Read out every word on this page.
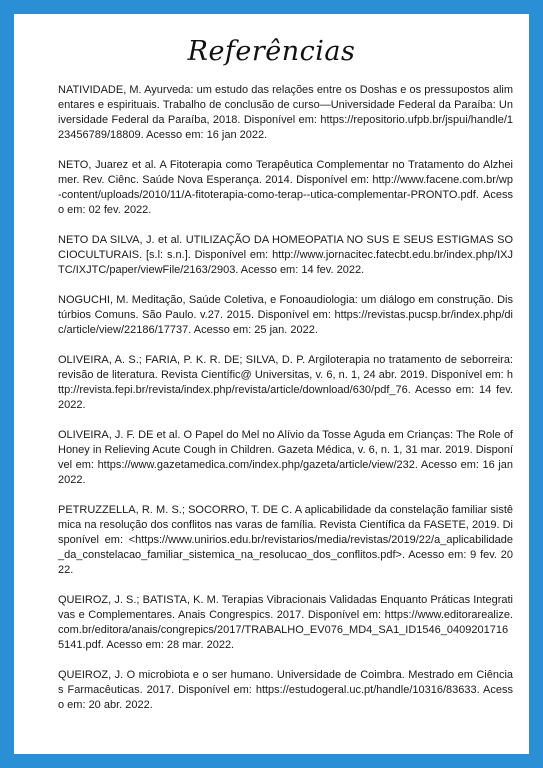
Referências

NATIVIDADE, M. Ayurveda: um estudo das relações entre os Doshas e os pressupostos alimentares e espirituais. Trabalho de conclusão de curso—Universidade Federal da Paraíba: Universidade Federal da Paraíba, 2018. Disponível em: https://repositorio.ufpb.br/jspui/handle/123456789/18809. Acesso em: 16 jan 2022.

NETO, Juarez et al. A Fitoterapia como Terapêutica Complementar no Tratamento do Alzheimer. Rev. Ciênc. Saúde Nova Esperança. 2014. Disponível em: http://www.facene.com.br/wp-content/uploads/2010/11/A-fitoterapia-como-terap--utica-complementar-PRONTO.pdf. Acesso em: 02 fev. 2022.

NETO DA SILVA, J. et al. UTILIZAÇÃO DA HOMEOPATIA NO SUS E SEUS ESTIGMAS SOCIOCULTURAIS. [s.l: s.n.]. Disponível em: http://www.jornacitec.fatecbt.edu.br/index.php/IXJTC/IXJTC/paper/viewFile/2163/2903. Acesso em: 14 fev. 2022.

NOGUCHI, M. Meditação, Saúde Coletiva, e Fonoaudiologia: um diálogo em construção. Distúrbios Comuns. São Paulo. v.27. 2015. Disponível em: https://revistas.pucsp.br/index.php/dic/article/view/22186/17737. Acesso em: 25 jan. 2022.

OLIVEIRA, A. S.; FARIA, P. K. R. DE; SILVA, D. P. Argiloterapia no tratamento de seborreira: revisão de literatura. Revista Científic@ Universitas, v. 6, n. 1, 24 abr. 2019. Disponível em: http://revista.fepi.br/revista/index.php/revista/article/download/630/pdf_76. Acesso em: 14 fev. 2022.

OLIVEIRA, J. F. DE et al. O Papel do Mel no Alívio da Tosse Aguda em Crianças: The Role of Honey in Relieving Acute Cough in Children. Gazeta Médica, v. 6, n. 1, 31 mar. 2019. Disponível em: https://www.gazetamedica.com/index.php/gazeta/article/view/232. Acesso em: 16 jan 2022.

PETRUZZELLA, R. M. S.; SOCORRO, T. DE C. A aplicabilidade da constelação familiar sistêmica na resolução dos conflitos nas varas de família. Revista Científica da FASETE, 2019. Disponível em: <https://www.unirios.edu.br/revistarios/media/revistas/2019/22/a_aplicabilidade_da_constelacao_familiar_sistemica_na_resolucao_dos_conflitos.pdf>. Acesso em: 9 fev. 2022.

QUEIROZ, J. S.; BATISTA, K. M. Terapias Vibracionais Validadas Enquanto Práticas Integrativas e Complementares. Anais Congrespics. 2017. Disponível em: https://www.editorarealize.com.br/editora/anais/congrepics/2017/TRABALHO_EV076_MD4_SA1_ID1546_04092017165141.pdf. Acesso em: 28 mar. 2022.

QUEIROZ, J. O microbiota e o ser humano. Universidade de Coimbra. Mestrado em Ciências Farmacêuticas. 2017. Disponível em: https://estudogeral.uc.pt/handle/10316/83633. Acesso em: 20 abr. 2022.
